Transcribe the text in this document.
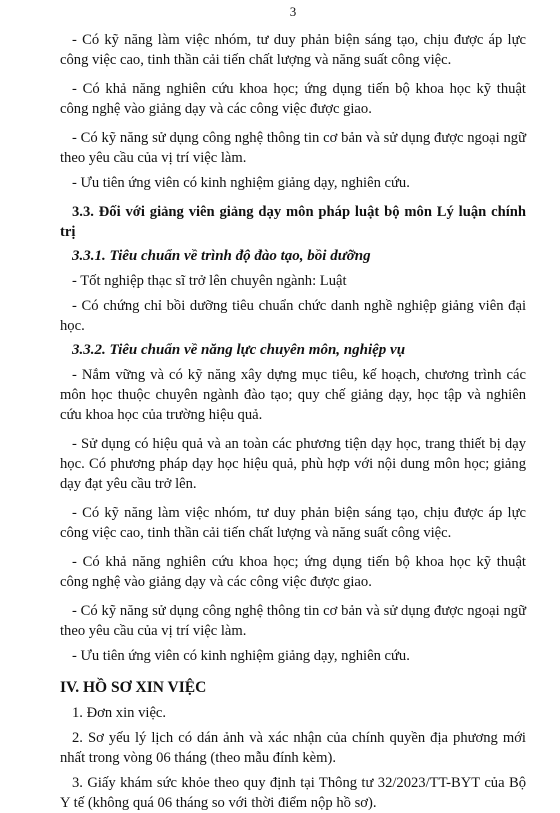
3

- Có kỹ năng làm việc nhóm, tư duy phản biện sáng tạo, chịu được áp lực công việc cao, tinh thần cải tiến chất lượng và năng suất công việc.

- Có khả năng nghiên cứu khoa học; ứng dụng tiến bộ khoa học kỹ thuật công nghệ vào giảng dạy và các công việc được giao.

- Có kỹ năng sử dụng công nghệ thông tin cơ bản và sử dụng được ngoại ngữ theo yêu cầu của vị trí việc làm.

- Ưu tiên ứng viên có kinh nghiệm giảng dạy, nghiên cứu.

3.3. Đối với giảng viên giảng dạy môn pháp luật bộ môn Lý luận chính trị

3.3.1. Tiêu chuẩn về trình độ đào tạo, bồi dưỡng

- Tốt nghiệp thạc sĩ trở lên chuyên ngành: Luật

- Có chứng chỉ bồi dưỡng tiêu chuẩn chức danh nghề nghiệp giảng viên đại học.

3.3.2. Tiêu chuẩn về năng lực chuyên môn, nghiệp vụ

- Nắm vững và có kỹ năng xây dựng mục tiêu, kế hoạch, chương trình các môn học thuộc chuyên ngành đào tạo; quy chế giảng dạy, học tập và nghiên cứu khoa học của trường hiệu quả.

- Sử dụng có hiệu quả và an toàn các phương tiện dạy học, trang thiết bị dạy học. Có phương pháp dạy học hiệu quả, phù hợp với nội dung môn học; giảng dạy đạt yêu cầu trở lên.

- Có kỹ năng làm việc nhóm, tư duy phản biện sáng tạo, chịu được áp lực công việc cao, tinh thần cải tiến chất lượng và năng suất công việc.

- Có khả năng nghiên cứu khoa học; ứng dụng tiến bộ khoa học kỹ thuật công nghệ vào giảng dạy và các công việc được giao.

- Có kỹ năng sử dụng công nghệ thông tin cơ bản và sử dụng được ngoại ngữ theo yêu cầu của vị trí việc làm.

- Ưu tiên ứng viên có kinh nghiệm giảng dạy, nghiên cứu.

IV. HỒ SƠ XIN VIỆC

1. Đơn xin việc.

2. Sơ yếu lý lịch có dán ảnh và xác nhận của chính quyền địa phương mới nhất trong vòng 06 tháng (theo mẫu đính kèm).

3. Giấy khám sức khỏe theo quy định tại Thông tư 32/2023/TT-BYT của Bộ Y tế (không quá 06 tháng so với thời điểm nộp hồ sơ).
